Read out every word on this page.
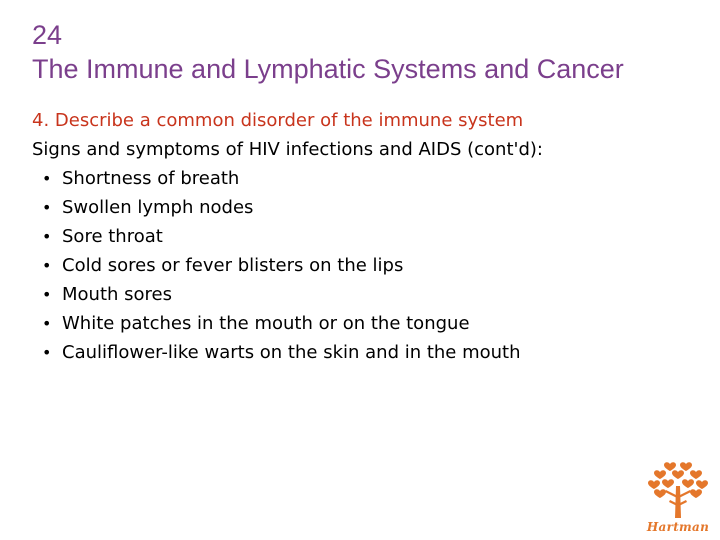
24
The Immune and Lymphatic Systems and Cancer
4. Describe a common disorder of the immune system
Signs and symptoms of HIV infections and AIDS (cont'd):
• Shortness of breath
• Swollen lymph nodes
• Sore throat
• Cold sores or fever blisters on the lips
• Mouth sores
• White patches in the mouth or on the tongue
• Cauliflower-like warts on the skin and in the mouth
Hartman
